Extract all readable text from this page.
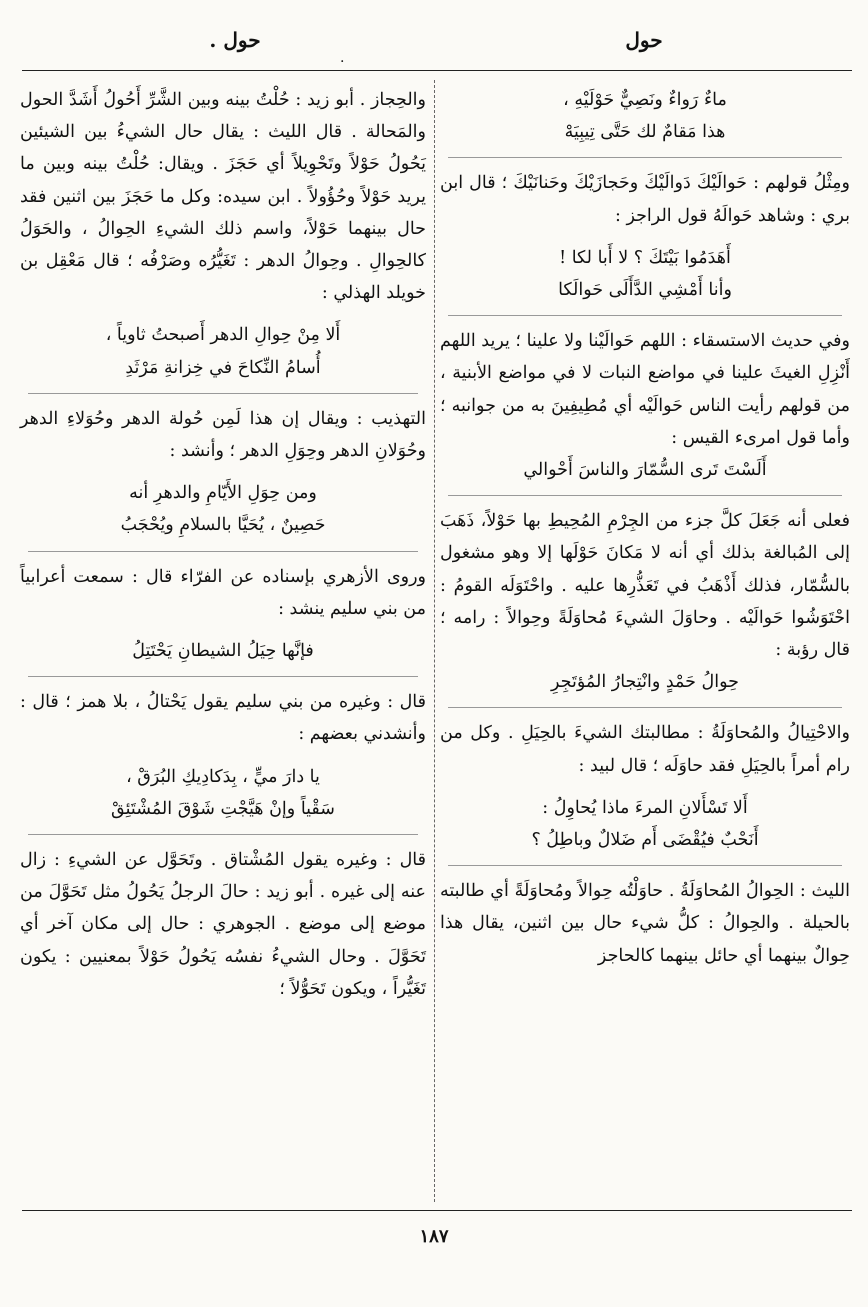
حول
حول .
.
ماءٌ رَواءٌ ونَصِيٌّ حَوْلَيْهِ ،
هذا مَقامٌ لك حَتَّى تِيبِيَهْ

ومِثْلُ قولهم : حَوالَيْكَ دَوالَيْكَ وحَجازَيْكَ وحَنانَيْكَ ؛ قال ابن بري : وشاهد حَوالَهُ قول الراجز :

أَهَدَمُوا بَيْتَكَ ؟ لا أَبا لكا !
وأنا أَمْشِي الدَّأَلَى حَوالَكا

وفي حديث الاستسقاء : اللهم حَوالَيْنا ولا علينا ؛ يريد اللهم أَنْزِلِ الغيثَ علينا في مواضع النبات لا في مواضع الأبنية ، من قولهم رأيت الناس حَوالَيْه أي مُطِيفِينَ به من جوانبه ؛ وأما قول امرىء القيس :

أَلَسْتَ تَرى السُّمّارَ والناسَ أَحْوالي

فعلى أنه جَعَلَ كلَّ جزء من الجِرْمِ المُحِيطِ بها حَوْلاً، ذَهَبَ إلى المُبالغة بذلك أي أنه لا مَكانَ حَوْلَها إلا وهو مشغول بالسُّمّار، فذلك أَذْهَبُ في تَعَذُّرِها عليه . واحْتَوَلَه القومُ : احْتَوَشُوا حَوالَيْه . وحاوَلَ الشيءَ مُحاوَلَةً وحِوالاً : رامه ؛ قال رؤبة :

حِوالُ حَمْدٍ وانْتِجارُ المُؤتَجِرِ

والاحْتِيالُ والمُحاوَلَةُ : مطالبتك الشيءَ بالحِيَلِ . وكل من رام أمراً بالحِيَلِ فقد حاوَلَه ؛ قال لبيد :

أَلا تَسْأَلانِ المرءَ ماذا يُحاوِلُ :
أَنَحْبٌ فيُقْضَى أَم ضَلالٌ وباطِلُ ؟

الليث : الحِوالُ المُحاوَلَةُ . حاوَلْتُه حِوالاً ومُحاوَلَةً أي طالبته بالحيلة . والحِوالُ : كلُّ شيء حال بين اثنين، يقال هذا حِوالٌ بينهما أي حائل بينهما كالحاجز

والحِجاز . أبو زيد : حُلْتُ بينه وبين الشَّرِّ أَحُولُ أَشَدَّ الحول والمَحالة . قال الليث : يقال حال الشيءُ بين الشيئين يَحُولُ حَوْلاً وتَحْوِيلاً أي حَجَزَ . ويقال: حُلْتُ بينه وبين ما يريد حَوْلاً وحُؤُولاً . ابن سيده: وكل ما حَجَزَ بين اثنين فقد حال بينهما حَوْلاً، واسم ذلك الشيءِ الحِوالُ ، والحَوَلُ كالحِوالِ . وحِوالُ الدهر : تَغَيُّرُه وصَرْفُه ؛ قال مَعْقِل بن خويلد الهذلي :

أَلا مِنْ حِوالِ الدهر أَصبحتُ ثاوياً ،
أُسامُ النِّكاحَ في خِزانةِ مَرْثَدِ

التهذيب : ويقال إن هذا لَمِن حُولة الدهر وحُوَلاءِ الدهر وحُوَلانِ الدهر وحِوَلِ الدهر ؛ وأنشد :

ومن حِوَلِ الأَيّامِ والدهرِ أنه
حَصِينٌ ، يُحَيَّا بالسلامِ ويُحْجَبُ

وروى الأزهري بإسناده عن الفرّاء قال : سمعت أعرابياً من بني سليم ينشد :

فإنَّها حِيَلُ الشيطانِ يَحْتَتِلُ

قال : وغيره من بني سليم يقول يَحْتالُ ، بلا همز ؛ قال : وأنشدني بعضهم :

يا دارَ ميٍّ ، بِدَكادِيكِ البُرَقْ ،
سَقْياً وإنْ هَيَّجْتِ شَوْقَ المُشْتَئِقْ

قال : وغيره يقول المُشْتاق . وتَحَوَّل عن الشيءِ : زال عنه إلى غيره . أبو زيد : حالَ الرجلُ يَحُولُ مثل تَحَوَّلَ من موضع إلى موضع . الجوهري : حال إلى مكان آخر أي تَحَوَّلَ . وحال الشيءُ نفسُه يَحُولُ حَوْلاً بمعنيين : يكون تَغَيُّراً ، ويكون تَحَوُّلاً ؛

١٨٧
